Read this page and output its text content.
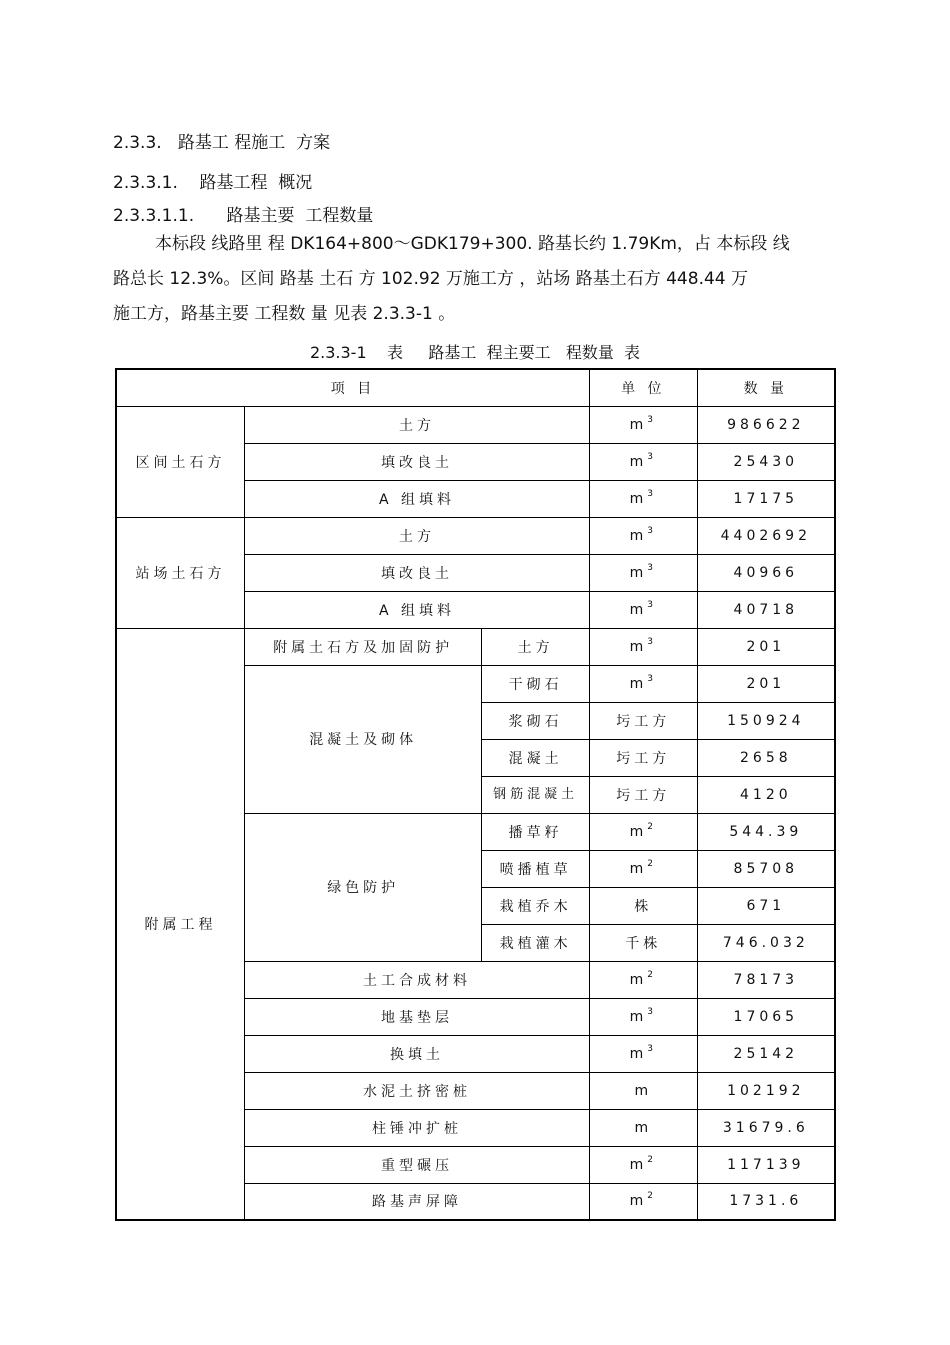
2.3.3.   路基工 程施工  方案
2.3.3.1.    路基工程  概况
2.3.3.1.1.      路基主要  工程数量
本标段 线路里 程 DK164+800～GDK179+300. 路基长约 1.79Km，占 本标段 线
路总长 12.3%。区间 路基 土石 方 102.92 万施工方 ，站场 路基土石方 448.44 万
施工方，路基主要 工程数 量 见表 2.3.3-1 。
2.3.3-1    表     路基工  程主要工   程数量  表
项 目			单 位	数 量
区间土石方	土方		$m^3$	986622
	填改良土		$m^3$	25430
	A 组填料		$m^3$	17175
站场土石方	土方		$m^3$	4402692
	填改良土		$m^3$	40966
	A 组填料		$m^3$	40718
附属工程	附属土石方及加固防护	土方	$m^3$	201
	混凝土及砌体	干砌石	$m^3$	201
		浆砌石	圬工方	150924
		混凝土	圬工方	2658
		钢筋混凝土	圬工方	4120
	绿色防护	播草籽	$m^2$	544.39
		喷播植草	$m^2$	85708
		栽植乔木	株	671
		栽植灌木	千株	746.032
	土工合成材料		$m^2$	78173
	地基垫层		$m^3$	17065
	换填土		$m^3$	25142
	水泥土挤密桩		m	102192
	柱锤冲扩桩		m	31679.6
	重型碾压		$m^2$	117139
	路基声屏障		$m^2$	1731.6
